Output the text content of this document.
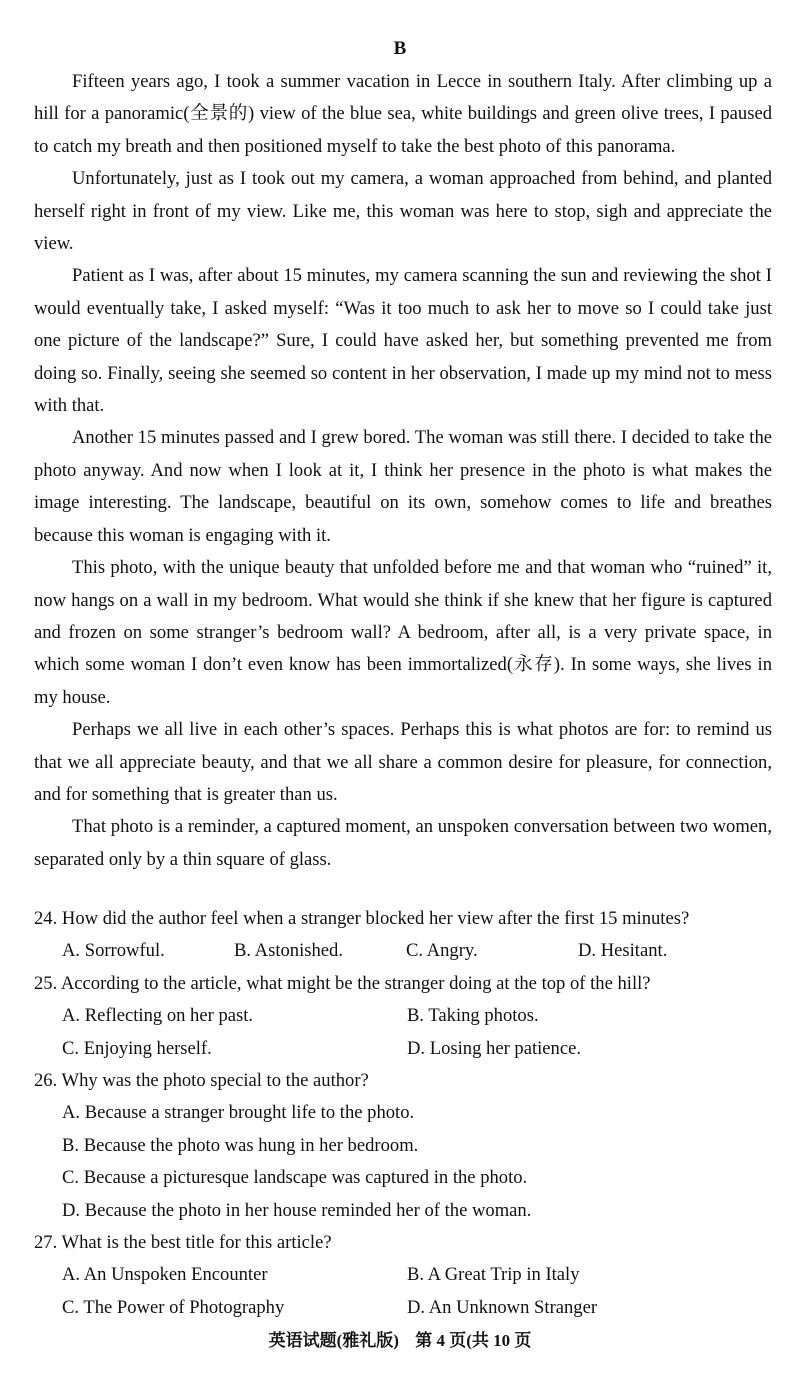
B

Fifteen years ago, I took a summer vacation in Lecce in southern Italy. After climbing up a hill for a panoramic(全景的) view of the blue sea, white buildings and green olive trees, I paused to catch my breath and then positioned myself to take the best photo of this panorama.

Unfortunately, just as I took out my camera, a woman approached from behind, and planted herself right in front of my view. Like me, this woman was here to stop, sigh and appreciate the view.

Patient as I was, after about 15 minutes, my camera scanning the sun and reviewing the shot I would eventually take, I asked myself: “Was it too much to ask her to move so I could take just one picture of the landscape?” Sure, I could have asked her, but something prevented me from doing so. Finally, seeing she seemed so content in her observation, I made up my mind not to mess with that.

Another 15 minutes passed and I grew bored. The woman was still there. I decided to take the photo anyway. And now when I look at it, I think her presence in the photo is what makes the image interesting. The landscape, beautiful on its own, somehow comes to life and breathes because this woman is engaging with it.

This photo, with the unique beauty that unfolded before me and that woman who “ruined” it, now hangs on a wall in my bedroom. What would she think if she knew that her figure is captured and frozen on some stranger’s bedroom wall? A bedroom, after all, is a very private space, in which some woman I don’t even know has been immortalized(永存). In some ways, she lives in my house.

Perhaps we all live in each other’s spaces. Perhaps this is what photos are for: to remind us that we all appreciate beauty, and that we all share a common desire for pleasure, for connection, and for something that is greater than us.

That photo is a reminder, a captured moment, an unspoken conversation between two women, separated only by a thin square of glass.

24. How did the author feel when a stranger blocked her view after the first 15 minutes?

A. Sorrowful.	B. Astonished.	C. Angry.	D. Hesitant.

25. According to the article, what might be the stranger doing at the top of the hill?

A. Reflecting on her past.	B. Taking photos.
C. Enjoying herself.	D. Losing her patience.

26. Why was the photo special to the author?

A. Because a stranger brought life to the photo.
B. Because the photo was hung in her bedroom.
C. Because a picturesque landscape was captured in the photo.
D. Because the photo in her house reminded her of the woman.

27. What is the best title for this article?

A. An Unspoken Encounter	B. A Great Trip in Italy
C. The Power of Photography	D. An Unknown Stranger
英语试题(雅礼版) 第 4 页(共 10 页
